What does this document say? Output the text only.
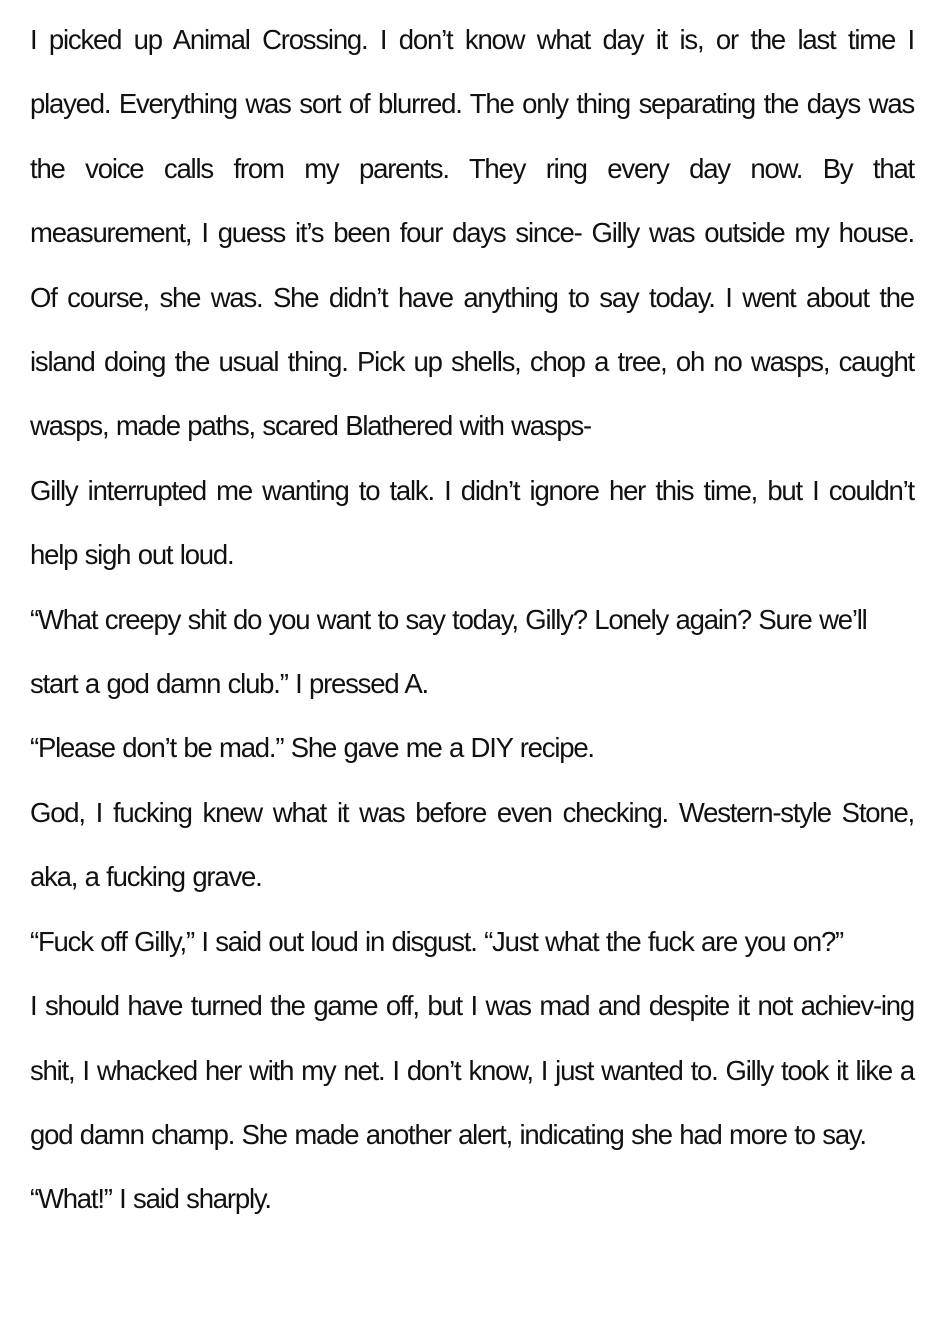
I picked up Animal Crossing. I don’t know what day it is, or the last time I played. Everything was sort of blurred. The only thing separating the days was the voice calls from my parents. They ring every day now. By that measurement, I guess it’s been four days since- Gilly was outside my house. Of course, she was. She didn’t have anything to say today. I went about the island doing the usual thing. Pick up shells, chop a tree, oh no wasps, caught wasps, made paths, scared Blathered with wasps-

Gilly interrupted me wanting to talk. I didn’t ignore her this time, but I couldn’t help sigh out loud.

“What creepy shit do you want to say today, Gilly? Lonely again? Sure we’ll start a god damn club.” I pressed A.

“Please don’t be mad.” She gave me a DIY recipe.

God, I fucking knew what it was before even checking. Western-style Stone, aka, a fucking grave.

“Fuck off Gilly,” I said out loud in disgust. “Just what the fuck are you on?”

I should have turned the game off, but I was mad and despite it not achiev-ing shit, I whacked her with my net. I don’t know, I just wanted to. Gilly took it like a god damn champ. She made another alert, indicating she had more to say.

“What!” I said sharply.
